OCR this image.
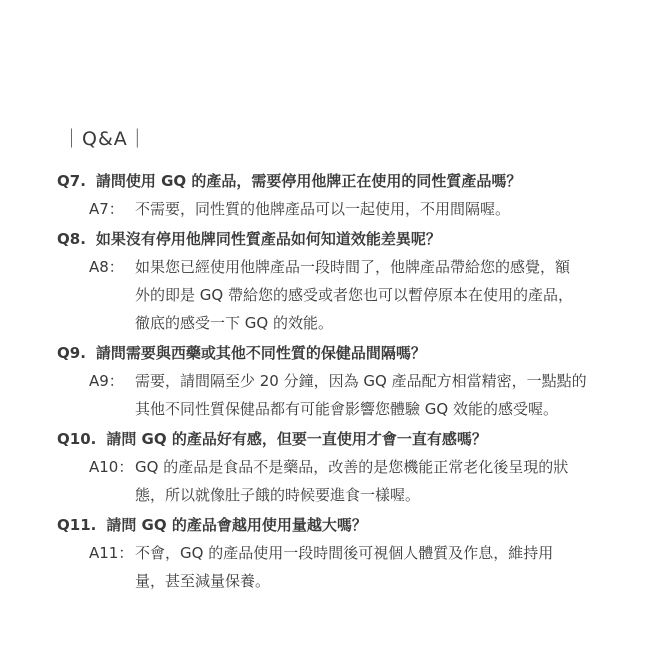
｜Q&A｜
Q7. 請問使用 GQ 的產品，需要停用他牌正在使用的同性質產品嗎？
A7： 不需要，同性質的他牌產品可以一起使用，不用間隔喔。
Q8. 如果沒有停用他牌同性質產品如何知道效能差異呢？
A8： 如果您已經使用他牌產品一段時間了，他牌產品帶給您的感覺，額
外的即是 GQ 帶給您的感受或者您也可以暫停原本在使用的產品，
徹底的感受一下 GQ 的效能。
Q9. 請問需要與西藥或其他不同性質的保健品間隔嗎？
A9： 需要，請間隔至少 20 分鐘，因為 GQ 產品配方相當精密，一點點的
其他不同性質保健品都有可能會影響您體驗 GQ 效能的感受喔。
Q10. 請問 GQ 的產品好有感，但要一直使用才會一直有感嗎？
A10： GQ 的產品是食品不是藥品，改善的是您機能正常老化後呈現的狀
態，所以就像肚子餓的時候要進食一樣喔。
Q11. 請問 GQ 的產品會越用使用量越大嗎？
A11： 不會，GQ 的產品使用一段時間後可視個人體質及作息，維持用
量，甚至減量保養。
